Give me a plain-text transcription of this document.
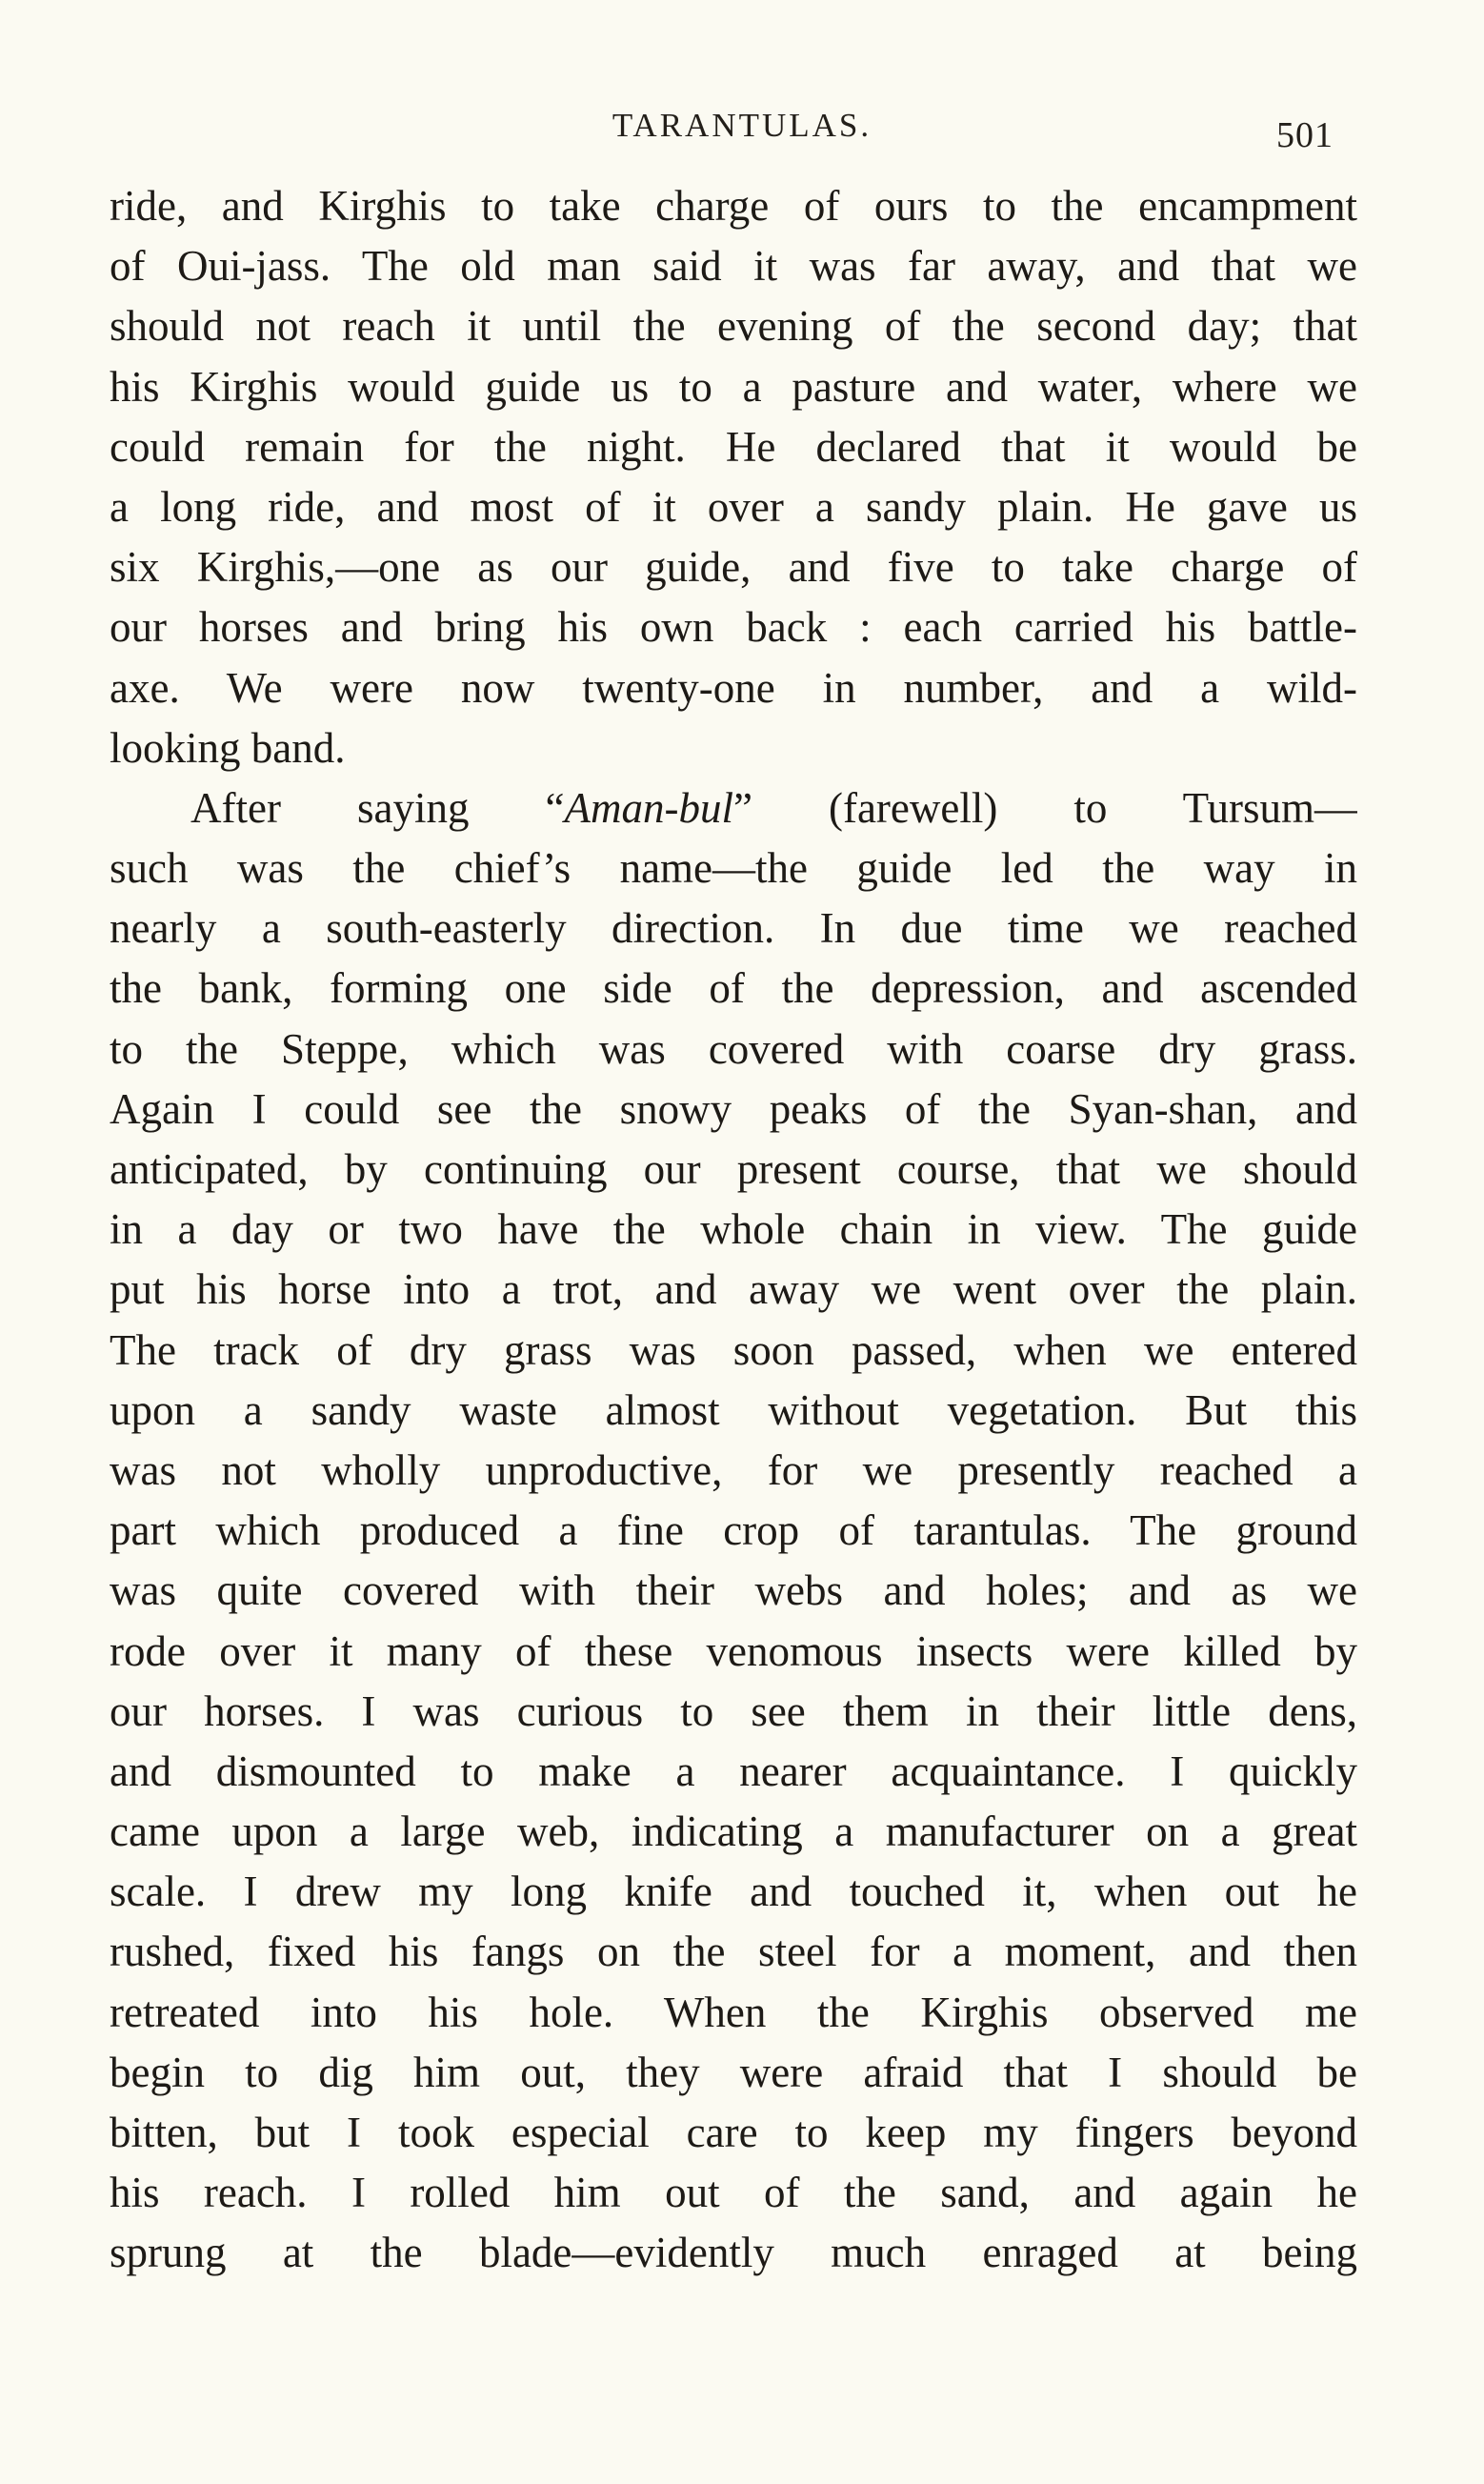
TARANTULAS.	501
ride, and Kirghis to take charge of ours to the encampment
of Oui-jass. The old man said it was far away, and that we
should not reach it until the evening of the second day; that
his Kirghis would guide us to a pasture and water, where we
could remain for the night. He declared that it would be
a long ride, and most of it over a sandy plain. He gave us
six Kirghis,—one as our guide, and five to take charge of
our horses and bring his own back : each carried his battle-
axe. We were now twenty-one in number, and a wild-
looking band.
After saying “Aman-bul” (farewell) to Tursum—
such was the chief’s name—the guide led the way in
nearly a south-easterly direction. In due time we reached
the bank, forming one side of the depression, and ascended
to the Steppe, which was covered with coarse dry grass.
Again I could see the snowy peaks of the Syan-shan, and
anticipated, by continuing our present course, that we should
in a day or two have the whole chain in view. The guide
put his horse into a trot, and away we went over the plain.
The track of dry grass was soon passed, when we entered
upon a sandy waste almost without vegetation. But this
was not wholly unproductive, for we presently reached a
part which produced a fine crop of tarantulas. The ground
was quite covered with their webs and holes; and as we
rode over it many of these venomous insects were killed by
our horses. I was curious to see them in their little dens,
and dismounted to make a nearer acquaintance. I quickly
came upon a large web, indicating a manufacturer on a great
scale. I drew my long knife and touched it, when out he
rushed, fixed his fangs on the steel for a moment, and then
retreated into his hole. When the Kirghis observed me
begin to dig him out, they were afraid that I should be
bitten, but I took especial care to keep my fingers beyond
his reach. I rolled him out of the sand, and again he
sprung at the blade—evidently much enraged at being
